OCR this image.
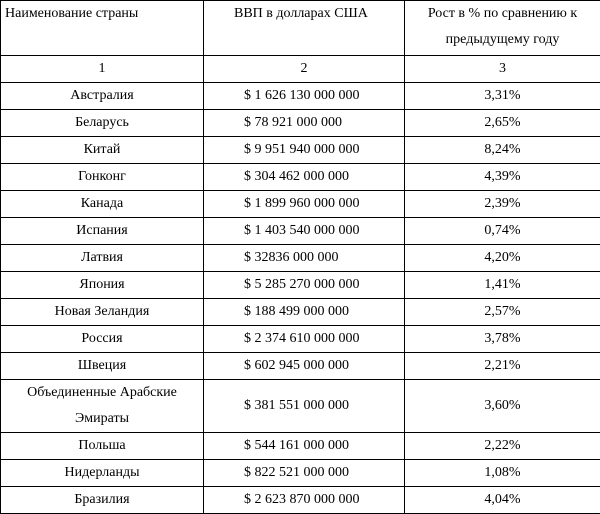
Наименование страны	ВВП в долларах США	Рост в % по сравнению к предыдущему году
1	2	3
Австралия	$ 1 626 130 000 000	3,31%
Беларусь	$ 78 921 000 000	2,65%
Китай	$ 9 951 940 000 000	8,24%
Гонконг	$ 304 462 000 000	4,39%
Канада	$ 1 899 960 000 000	2,39%
Испания	$ 1 403 540 000 000	0,74%
Латвия	$ 32836 000 000	4,20%
Япония	$ 5 285 270 000 000	1,41%
Новая Зеландия	$ 188 499 000 000	2,57%
Россия	$ 2 374 610 000 000	3,78%
Швеция	$ 602 945 000 000	2,21%
Объединенные Арабские Эмираты	$ 381 551 000 000	3,60%
Польша	$ 544 161 000 000	2,22%
Нидерланды	$ 822 521 000 000	1,08%
Бразилия	$ 2 623 870 000 000	4,04%
